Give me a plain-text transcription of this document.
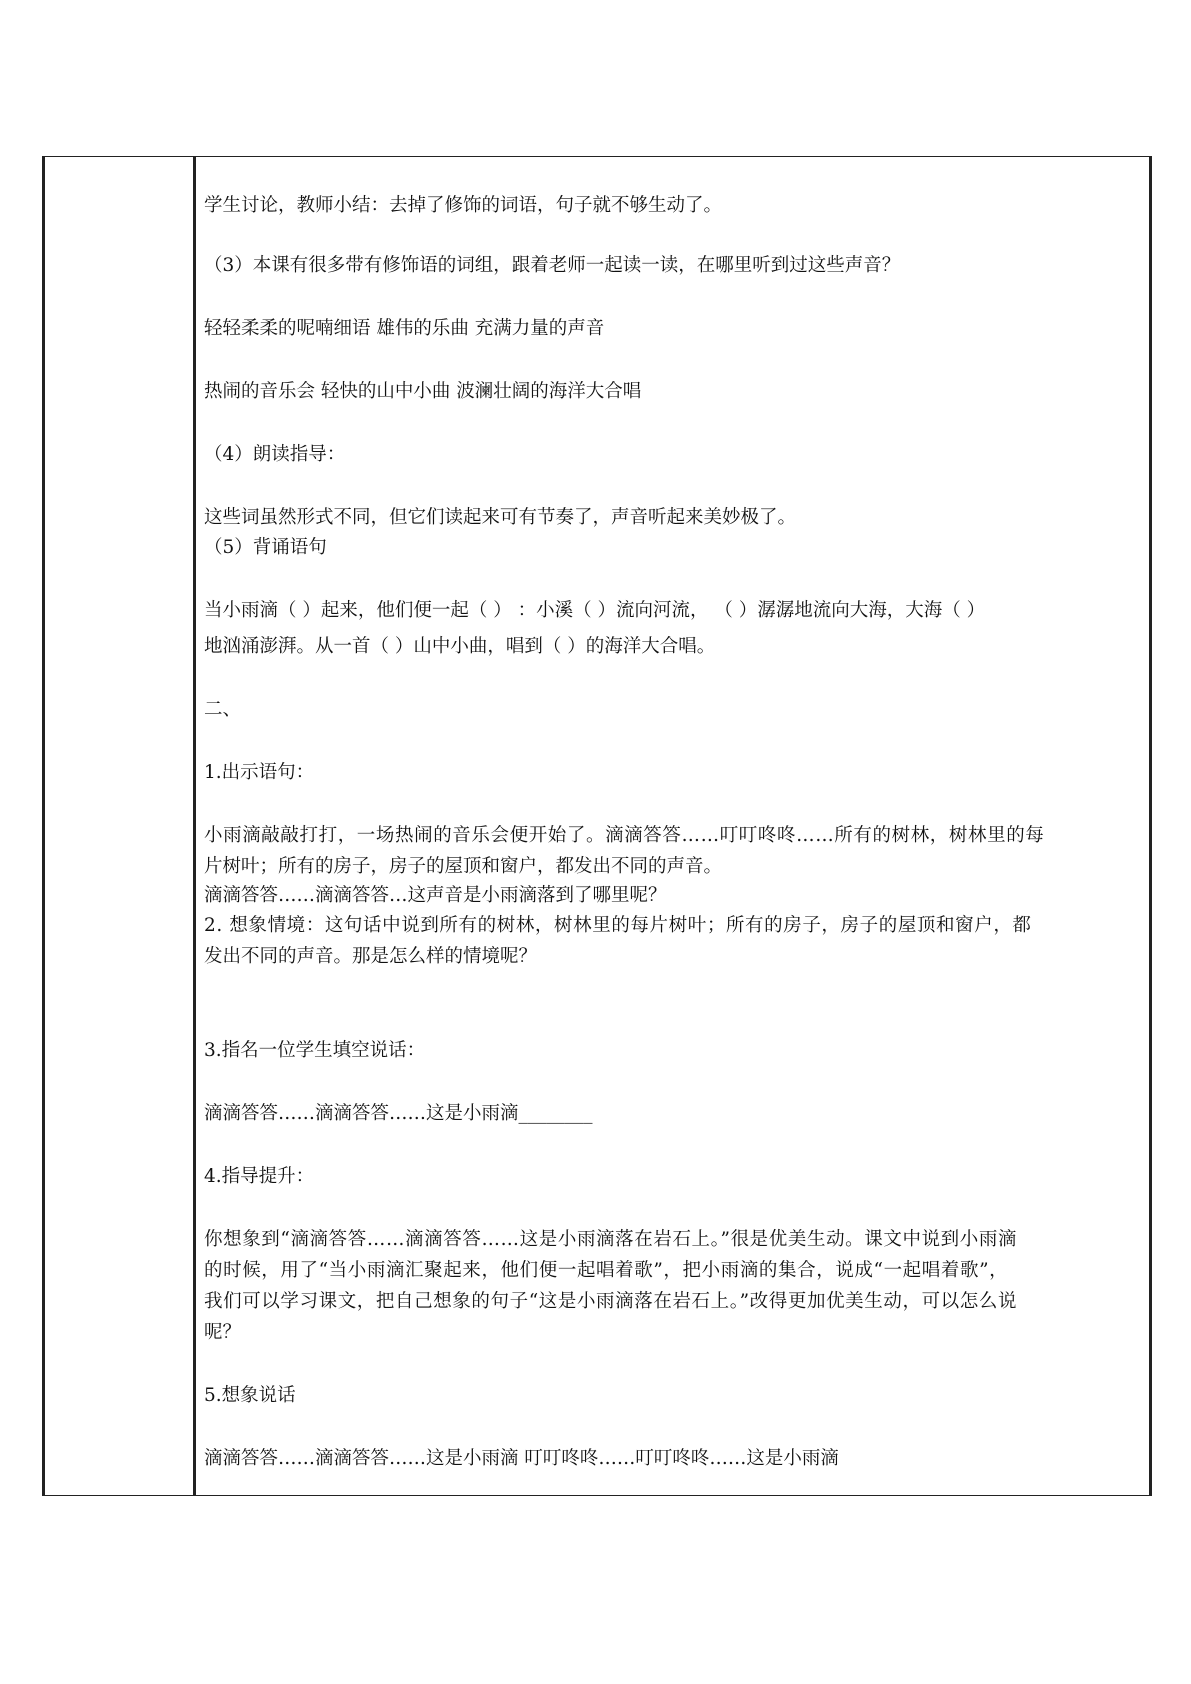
学生讨论，教师小结：去掉了修饰的词语，句子就不够生动了。
（3）本课有很多带有修饰语的词组，跟着老师一起读一读，在哪里听到过这些声音？
轻轻柔柔的呢喃细语 雄伟的乐曲 充满力量的声音
热闹的音乐会 轻快的山中小曲 波澜壮阔的海洋大合唱
（4）朗读指导：
这些词虽然形式不同，但它们读起来可有节奏了，声音听起来美妙极了。
（5）背诵语句
当小雨滴（ ）起来，他们便一起（ ） ：小溪（ ）流向河流， （ ）潺潺地流向大海，大海（ ）
地汹涌澎湃。从一首（ ）山中小曲，唱到（ ）的海洋大合唱。
二、
1.出示语句：
小雨滴敲敲打打，一场热闹的音乐会便开始了。滴滴答答……叮叮咚咚……所有的树林，树林里的每
片树叶；所有的房子，房子的屋顶和窗户，都发出不同的声音。
滴滴答答……滴滴答答…这声音是小雨滴落到了哪里呢？
2. 想象情境：这句话中说到所有的树林，树林里的每片树叶；所有的房子，房子的屋顶和窗户，都
发出不同的声音。那是怎么样的情境呢？
3.指名一位学生填空说话：
滴滴答答……滴滴答答……这是小雨滴________
4.指导提升：
你想象到“滴滴答答……滴滴答答……这是小雨滴落在岩石上。”很是优美生动。课文中说到小雨滴
的时候，用了“当小雨滴汇聚起来，他们便一起唱着歌”，把小雨滴的集合，说成“一起唱着歌”，
我们可以学习课文，把自己想象的句子“这是小雨滴落在岩石上。”改得更加优美生动，可以怎么说
呢？
5.想象说话
滴滴答答……滴滴答答……这是小雨滴 叮叮咚咚……叮叮咚咚……这是小雨滴
